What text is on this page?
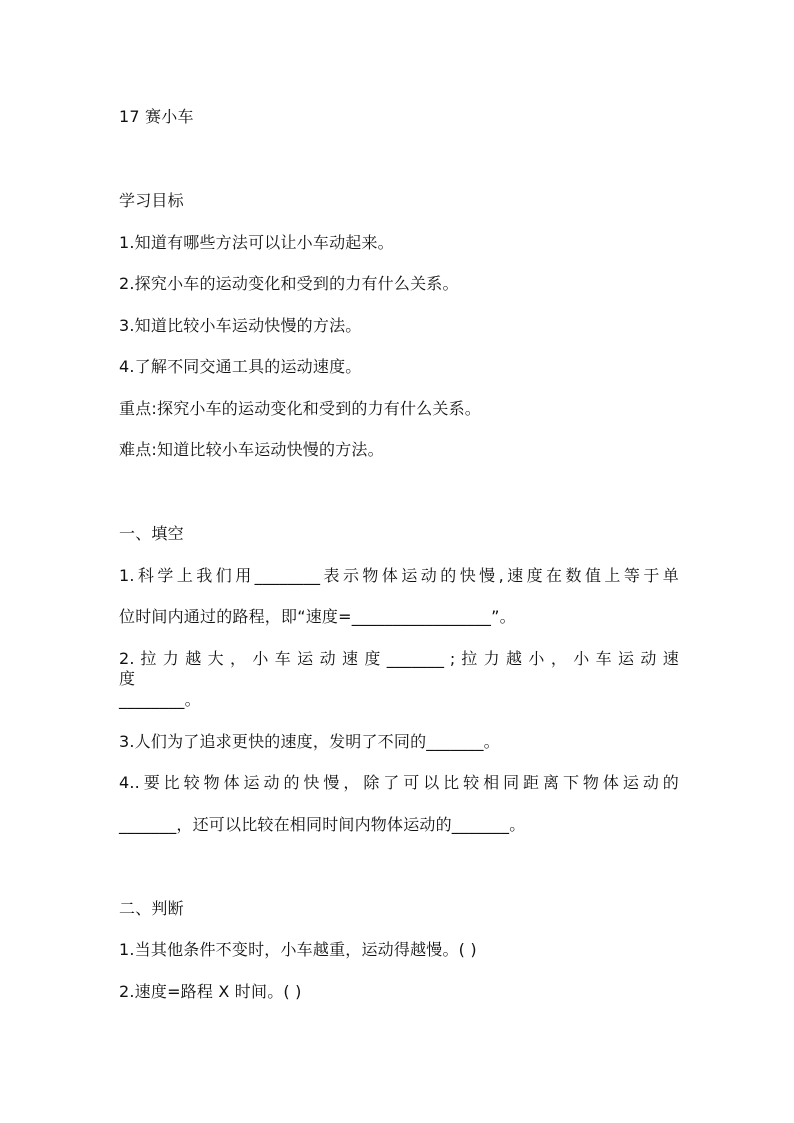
17 赛小车
学习目标
1.知道有哪些方法可以让小车动起来。
2.探究小车的运动变化和受到的力有什么关系。
3.知道比较小车运动快慢的方法。
4.了解不同交通工具的运动速度。
重点:探究小车的运动变化和受到的力有什么关系。
难点:知道比较小车运动快慢的方法。
一、填空
1.科学上我们用________表示物体运动的快慢,速度在数值上等于单
位时间内通过的路程，即“速度=_________________”。
2. 拉 力 越 大 ， 小 车 运 动 速 度 _______ ; 拉 力 越 小 ， 小 车 运 动 速 度
________。
3.人们为了追求更快的速度，发明了不同的_______。
4..要比较物体运动的快慢，除了可以比较相同距离下物体运动的
_______，还可以比较在相同时间内物体运动的_______。
二、判断
1.当其他条件不变时，小车越重，运动得越慢。( )
2.速度=路程 X 时间。( )
